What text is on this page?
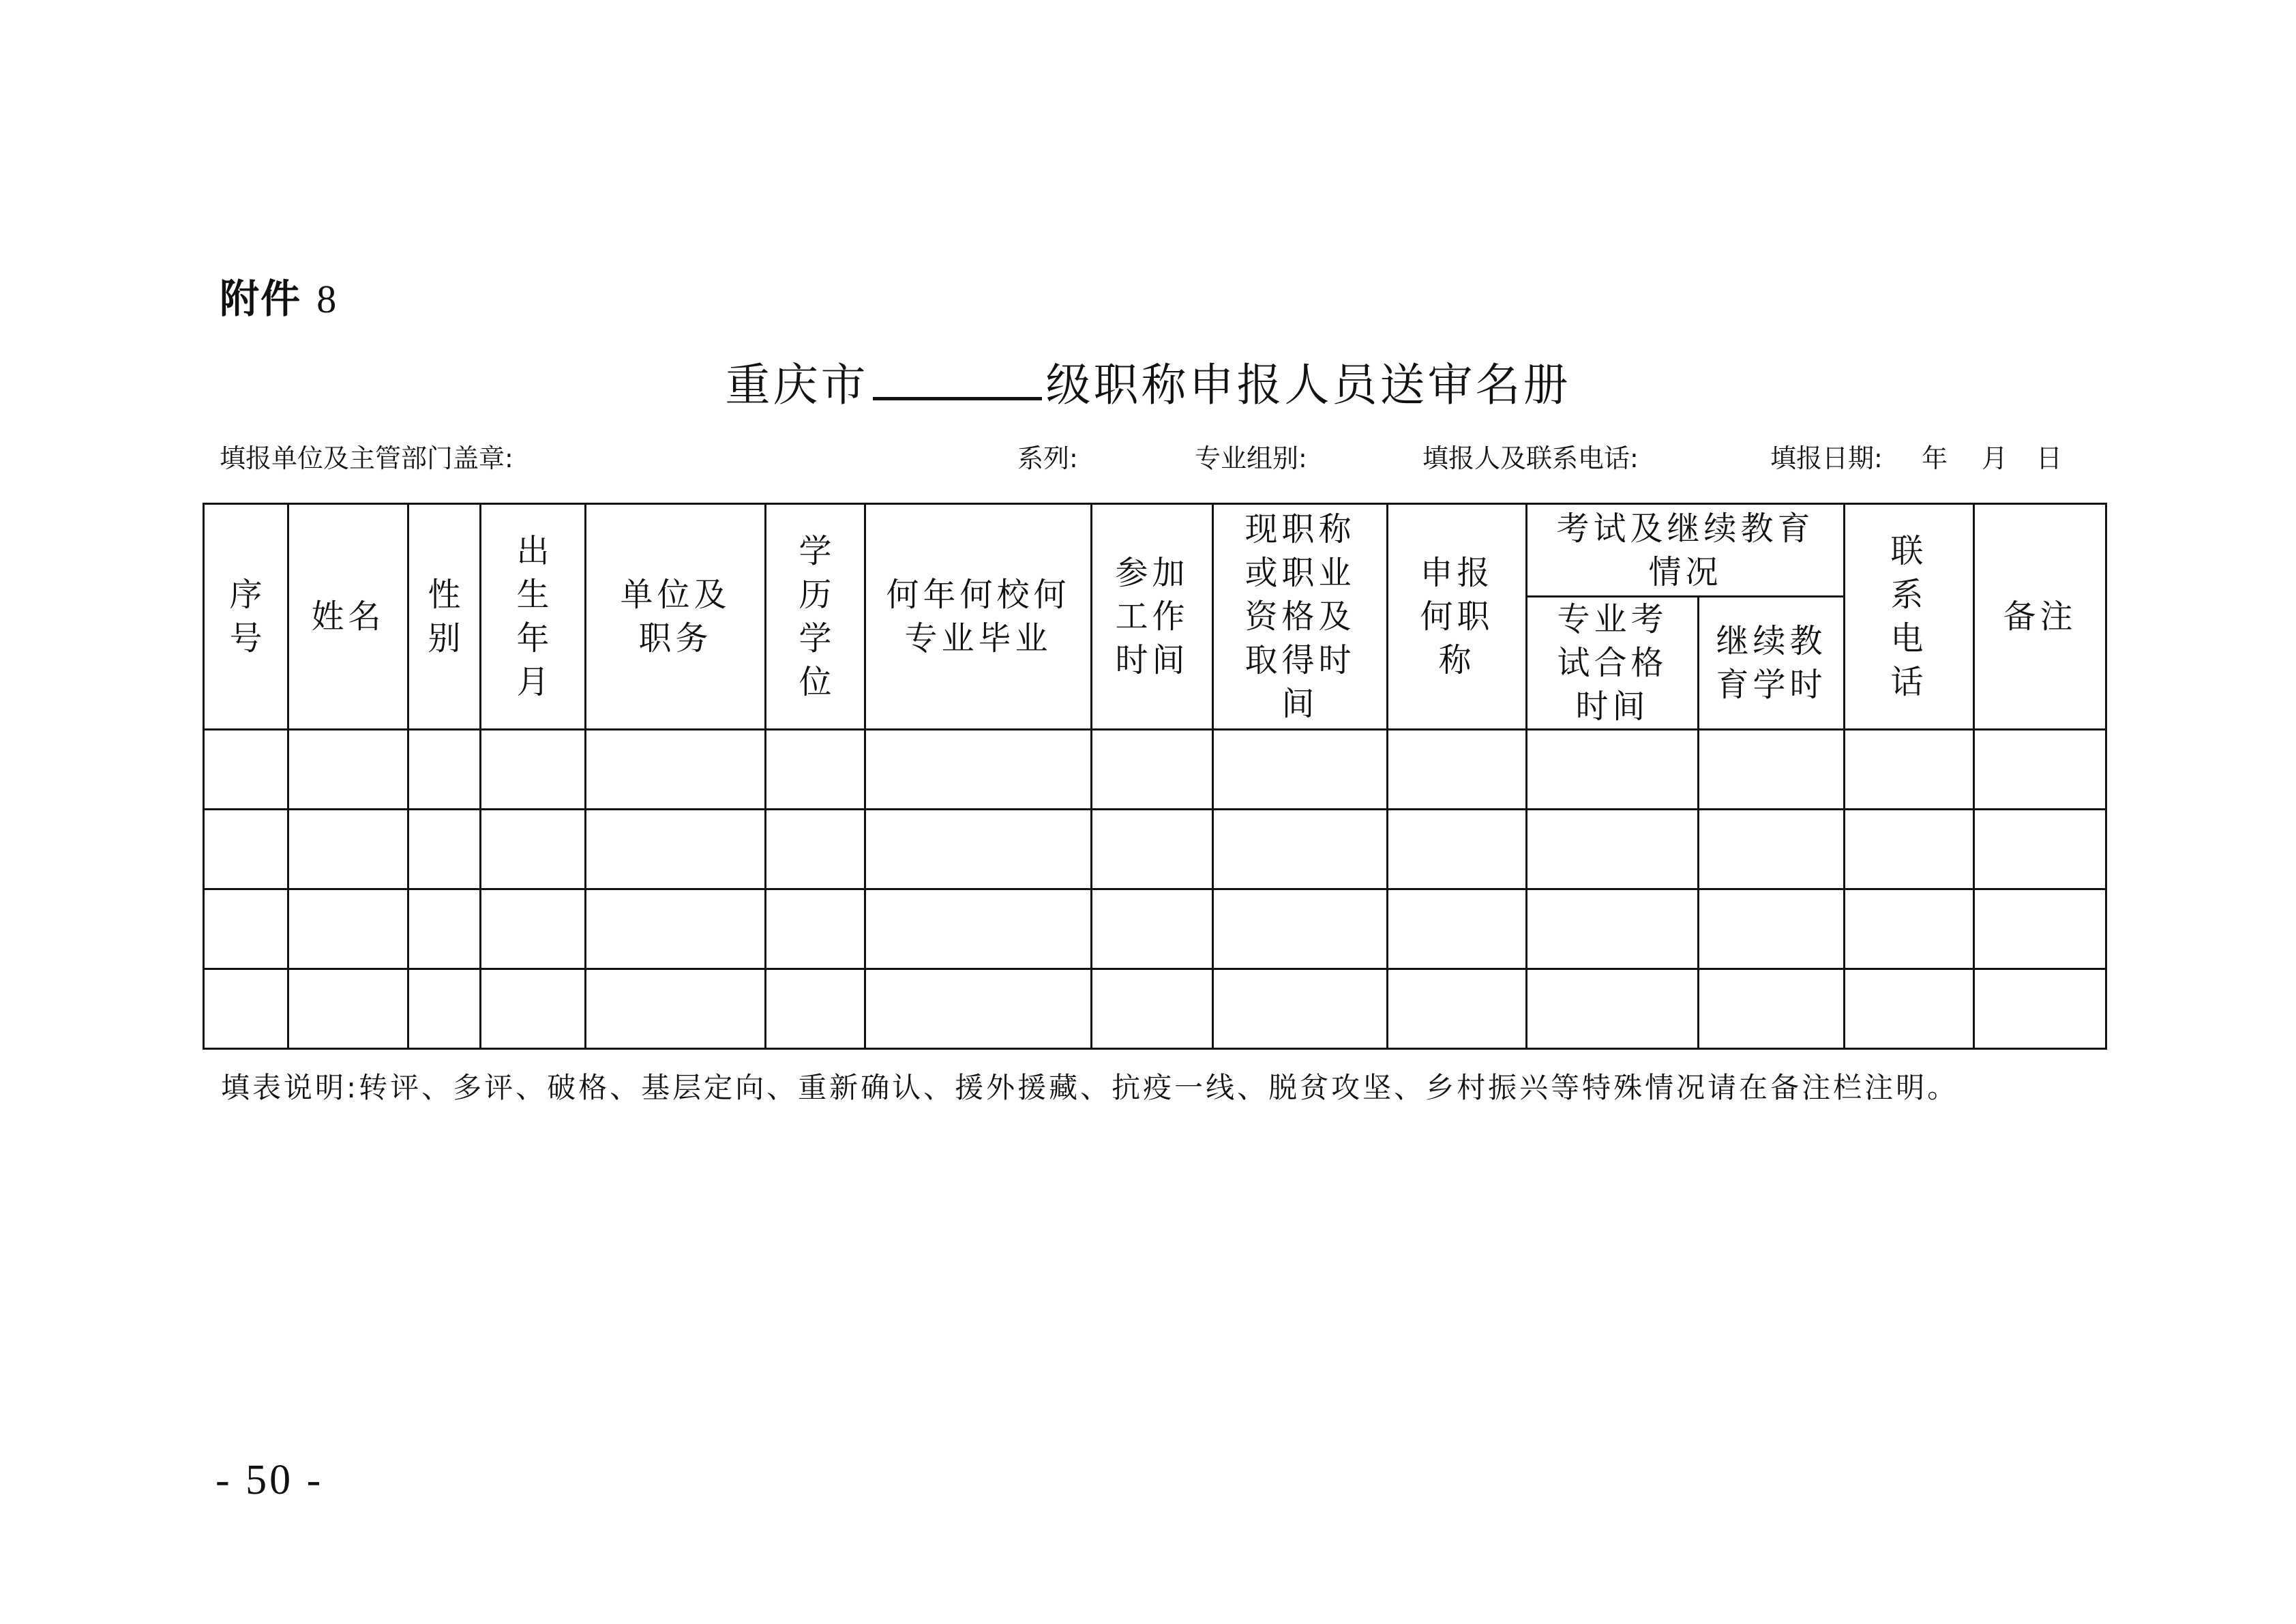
附件 8
重庆市	级职称申报人员送审名册
填报单位及主管部门盖章:	系列:	专业组别:	填报人及联系电话:	填报日期: 年 月 日
序号	姓名	性别	出生年月	单位及职务	学历学位	何年何校何专业毕业	参加工作时间	现职称或职业资格及取得时间	申报何职称	考试及继续教育情况		联系电话	备注
										专业考试合格时间	继续教育学时		

填表说明:转评、多评、破格、基层定向、重新确认、援外援藏、抗疫一线、脱贫攻坚、乡村振兴等特殊情况请在备注栏注明。
- 50 -
